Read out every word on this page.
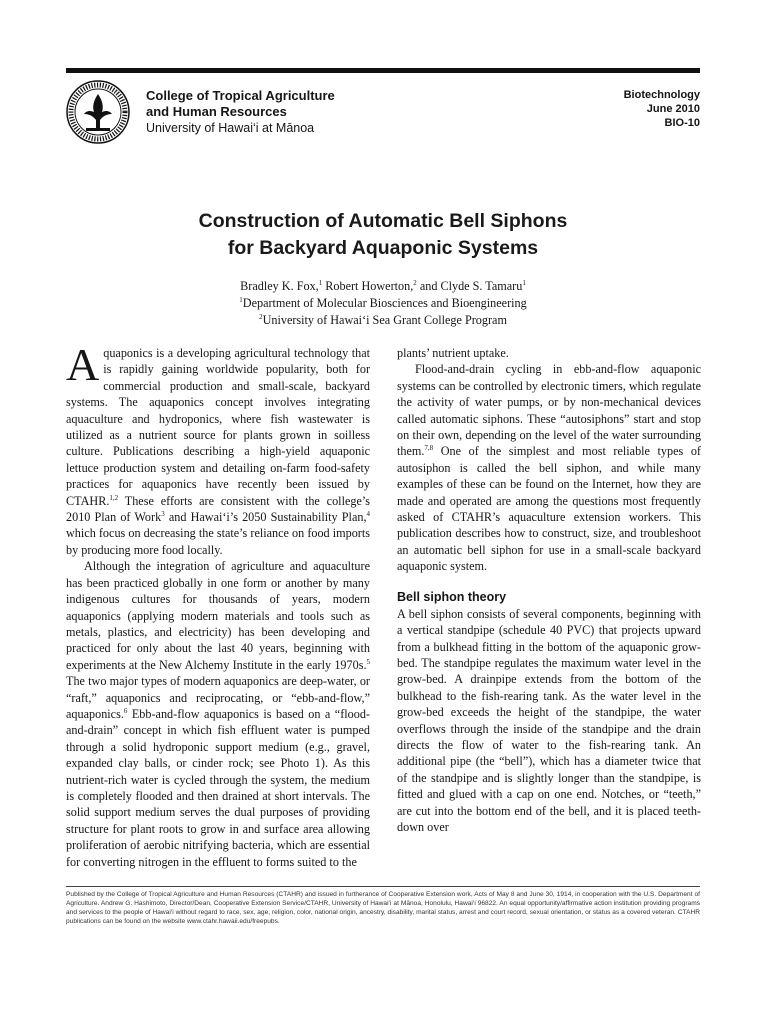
College of Tropical Agriculture
and Human Resources
University of Hawai‘i at Mānoa
Biotechnology
June 2010
BIO-10
Construction of Automatic Bell Siphons
for Backyard Aquaponic Systems
Bradley K. Fox,$^1$ Robert Howerton,$^2$ and Clyde S. Tamaru$^1$
$^1$Department of Molecular Biosciences and Bioengineering
$^2$University of Hawai‘i Sea Grant College Program

Aquaponics is a developing agricultural technology that is rapidly gaining worldwide popularity, both for commercial production and small-scale, backyard systems. The aquaponics concept involves integrating aquaculture and hydroponics, where fish wastewater is utilized as a nutrient source for plants grown in soilless culture. Publications describing a high-yield aquaponic lettuce production system and detailing on-farm food-safety practices for aquaponics have recently been issued by CTAHR.$^{1,2}$ These efforts are consistent with the college’s 2010 Plan of Work$^3$ and Hawai‘i’s 2050 Sustainability Plan,$^4$ which focus on decreasing the state’s reliance on food imports by producing more food locally.

Although the integration of agriculture and aquaculture has been practiced globally in one form or another by many indigenous cultures for thousands of years, modern aquaponics (applying modern materials and tools such as metals, plastics, and electricity) has been developing and practiced for only about the last 40 years, beginning with experiments at the New Alchemy Institute in the early 1970s.$^5$ The two major types of modern aquaponics are deep-water, or “raft,” aquaponics and reciprocating, or “ebb-and-flow,” aquaponics.$^6$ Ebb-and-flow aquaponics is based on a “flood-and-drain” concept in which fish effluent water is pumped through a solid hydroponic support medium (e.g., gravel, expanded clay balls, or cinder rock; see Photo 1). As this nutrient-rich water is cycled through the system, the medium is completely flooded and then drained at short intervals. The solid support medium serves the dual purposes of providing structure for plant roots to grow in and surface area allowing proliferation of aerobic nitrifying bacteria, which are essential for converting nitrogen in the effluent to forms suited to the

plants’ nutrient uptake.

Flood-and-drain cycling in ebb-and-flow aquaponic systems can be controlled by electronic timers, which regulate the activity of water pumps, or by non-mechanical devices called automatic siphons. These “autosiphons” start and stop on their own, depending on the level of the water surrounding them.$^{7,8}$ One of the simplest and most reliable types of autosiphon is called the bell siphon, and while many examples of these can be found on the Internet, how they are made and operated are among the questions most frequently asked of CTAHR’s aquaculture extension workers. This publication describes how to construct, size, and troubleshoot an automatic bell siphon for use in a small-scale backyard aquaponic system.

Bell siphon theory

A bell siphon consists of several components, beginning with a vertical standpipe (schedule 40 PVC) that projects upward from a bulkhead fitting in the bottom of the aquaponic grow-bed. The standpipe regulates the maximum water level in the grow-bed. A drainpipe extends from the bottom of the bulkhead to the fish-rearing tank. As the water level in the grow-bed exceeds the height of the standpipe, the water overflows through the inside of the standpipe and the drain directs the flow of water to the fish-rearing tank. An additional pipe (the “bell”), which has a diameter twice that of the standpipe and is slightly longer than the standpipe, is fitted and glued with a cap on one end. Notches, or “teeth,” are cut into the bottom end of the bell, and it is placed teeth-down over

Published by the College of Tropical Agriculture and Human Resources (CTAHR) and issued in furtherance of Cooperative Extension work, Acts of May 8 and June 30, 1914, in cooperation with the U.S. Department of Agriculture. Andrew G. Hashimoto, Director/Dean, Cooperative Extension Service/CTAHR, University of Hawai‘i at Mānoa, Honolulu, Hawai‘i 96822. An equal opportunity/affirmative action institution providing programs and services to the people of Hawai‘i without regard to race, sex, age, religion, color, national origin, ancestry, disability, marital status, arrest and court record, sexual orientation, or status as a covered veteran. CTAHR publications can be found on the website www.ctahr.hawaii.edu/freepubs.
